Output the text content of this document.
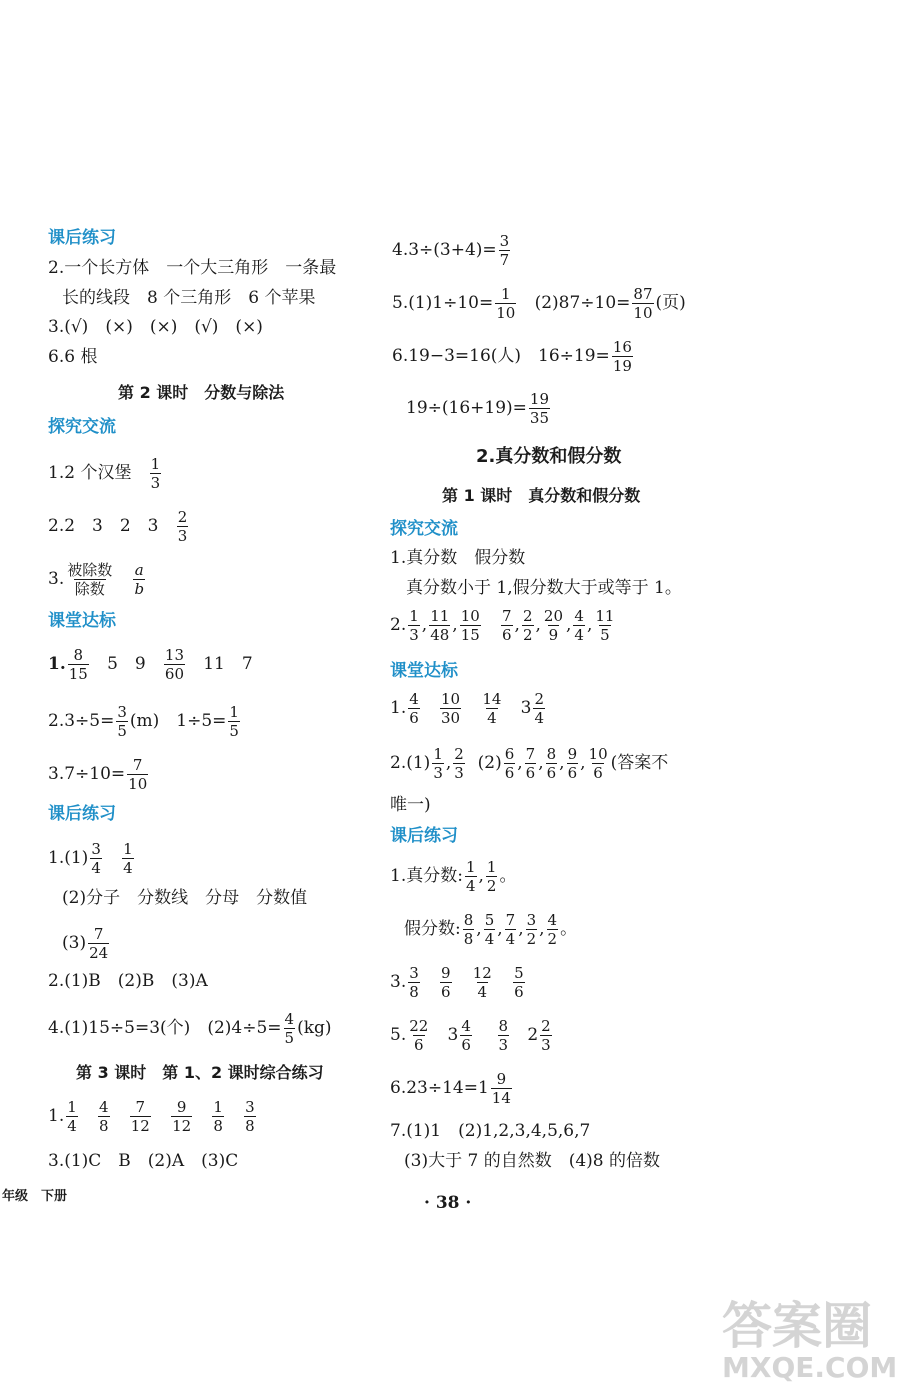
课后练习
2.一个长方体　一个大三角形　一条最
长的线段　8 个三角形　6 个苹果
3.(√)　(×)　(×)　(√)　(×)
6.6 根
第 2 课时　分数与除法
探究交流
1.2 个汉堡 $\frac{1}{3}$
2.2　3　2　$3 \frac{2}{3}$
3. 被除数
除数
$\frac{a}{b}$
课堂达标
1. $\frac{8}{15} 5$　$9 \frac{13}{60} 11$　7
$2.3\div 5= \frac{3}{5} (m)$　$1\div 5= \frac{1}{5}$
$3.7\div 10= \frac{7}{10}$
课后练习
$1.(1) \frac{3}{4}$
$\frac{1}{4}$
(2)分子　分数线　分母　分数值
$(3) \frac{7}{24}$
2.(1)B　(2)B　(3)A
4.(1)15÷5=3(个)　$(2)4\div 5= \frac{4}{5} (kg)$
第 3 课时　第 1、2 课时综合练习
1. $\frac{1}{4}$
$\frac{4}{8}$
$\frac{7}{12}$
$\frac{9}{12}$
$\frac{1}{8}$
$\frac{3}{8}$
3.(1)C　B　(2)A　(3)C
$4.3\div(3+4)= \frac{3}{7}$
$5.(1)1\div 10= \frac{1}{10} (2)87\div 10= \frac{87}{10}$ (页)
6.19−3=16(人)　$16\div 19= \frac{16}{19}$
$19\div(16+19)= \frac{19}{35}$
2.真分数和假分数
第 1 课时　真分数和假分数
探究交流
1.真分数　假分数
真分数小于 1,假分数大于或等于 1。
2. $\frac{1}{3}$ , $\frac{11}{48}$ , $\frac{10}{15}$
$\frac{7}{6}$ , $\frac{2}{2}$ , $\frac{20}{9}$ , $\frac{4}{4}$ , $\frac{11}{5}$
课堂达标
1. $\frac{4}{6}$
$\frac{10}{30}$
$\frac{14}{4} 3 \frac{2}{4}$
$2.(1) \frac{1}{3}$ , $\frac{2}{3} (2) \frac{6}{6}$ , $\frac{7}{6}$ , $\frac{8}{6}$ , $\frac{9}{6}$ , $\frac{10}{6}$ (答案不
唯一)
课后练习
1.真分数: $\frac{1}{4}$ , $\frac{1}{2}$ 。
假分数: $\frac{8}{8}$ , $\frac{5}{4}$ , $\frac{7}{4}$ , $\frac{3}{2}$ , $\frac{4}{2}$ 。
3. $\frac{3}{8}$
$\frac{9}{6}$
$\frac{12}{4}$
$\frac{5}{6}$
5. $\frac{22}{6} 3 \frac{4}{6}$
$\frac{8}{3} 2 \frac{2}{3}$
$6.23\div 14=1 \frac{9}{14}$
7.(1)1　(2)1,2,3,4,5,6,7
(3)大于 7 的自然数　(4)8 的倍数
年级　下册	· 38 ·
答案圈
MXQE.COM
